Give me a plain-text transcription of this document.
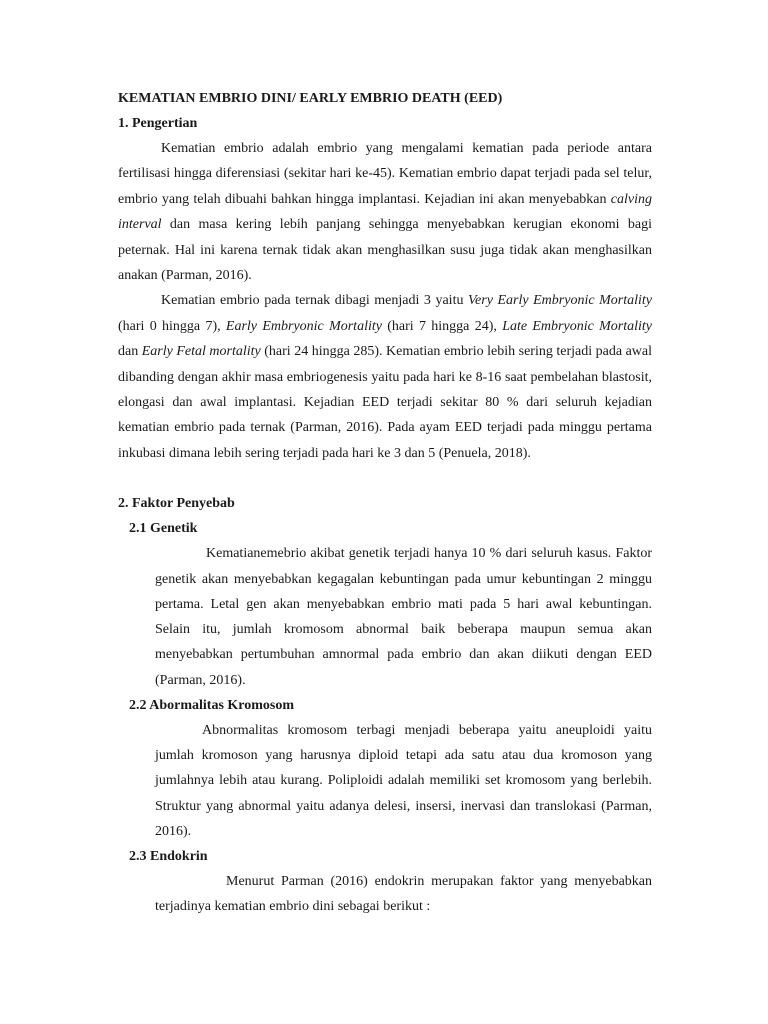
KEMATIAN EMBRIO DINI/ EARLY EMBRIO DEATH (EED)

1. Pengertian

Kematian embrio adalah embrio yang mengalami kematian pada periode antara fertilisasi hingga diferensiasi (sekitar hari ke-45). Kematian embrio dapat terjadi pada sel telur, embrio yang telah dibuahi bahkan hingga implantasi. Kejadian ini akan menyebabkan calving interval dan masa kering lebih panjang sehingga menyebabkan kerugian ekonomi bagi peternak. Hal ini karena ternak tidak akan menghasilkan susu juga tidak akan menghasilkan anakan (Parman, 2016).

Kematian embrio pada ternak dibagi menjadi 3 yaitu Very Early Embryonic Mortality (hari 0 hingga 7), Early Embryonic Mortality (hari 7 hingga 24), Late Embryonic Mortality dan Early Fetal mortality (hari 24 hingga 285). Kematian embrio lebih sering terjadi pada awal dibanding dengan akhir masa embriogenesis yaitu pada hari ke 8-16 saat pembelahan blastosit, elongasi dan awal implantasi. Kejadian EED terjadi sekitar 80 % dari seluruh kejadian kematian embrio pada ternak (Parman, 2016). Pada ayam EED terjadi pada minggu pertama inkubasi dimana lebih sering terjadi pada hari ke 3 dan 5 (Penuela, 2018).

2. Faktor Penyebab

2.1 Genetik

Kematianemebrio akibat genetik terjadi hanya 10 % dari seluruh kasus. Faktor genetik akan menyebabkan kegagalan kebuntingan pada umur kebuntingan 2 minggu pertama. Letal gen akan menyebabkan embrio mati pada 5 hari awal kebuntingan. Selain itu, jumlah kromosom abnormal baik beberapa maupun semua akan menyebabkan pertumbuhan amnormal pada embrio dan akan diikuti dengan EED (Parman, 2016).

2.2 Abormalitas Kromosom

Abnormalitas kromosom terbagi menjadi beberapa yaitu aneuploidi yaitu jumlah kromoson yang harusnya diploid tetapi ada satu atau dua kromoson yang jumlahnya lebih atau kurang. Poliploidi adalah memiliki set kromosom yang berlebih. Struktur yang abnormal yaitu adanya delesi, insersi, inervasi dan translokasi (Parman, 2016).

2.3 Endokrin

Menurut Parman (2016) endokrin merupakan faktor yang menyebabkan terjadinya kematian embrio dini sebagai berikut :
